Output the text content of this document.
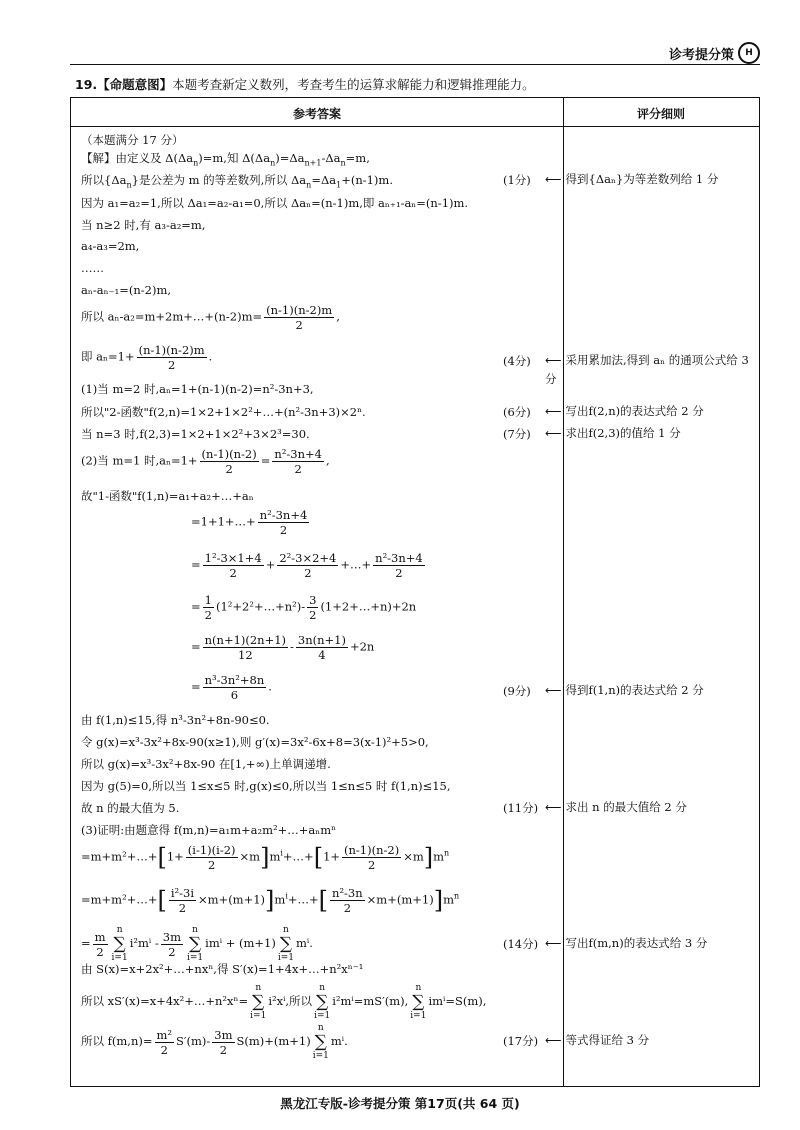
诊考提分策	H
19.【命题意图】本题考查新定义数列，考查考生的运算求解能力和逻辑推理能力。
参考答案	评分细则
（本题满分 17 分）
【解】由定义及 $\Delta(\Delta a_n)=m$,知 $\Delta(\Delta a_n)=\Delta a_{n+1}-\Delta a_n=m$,
所以$\{\Delta a_n\}$是公差为 m 的等差数列,所以 $\Delta a_n=\Delta a_1+(n-1)m$.
因为 a₁=a₂=1,所以 Δa₁=a₂-a₁=0,所以 Δaₙ=(n-1)m,即 aₙ₊₁-aₙ=(n-1)m.
当 n≥2 时,有 a₃-a₂=m,
a₄-a₃=2m,
……
aₙ-aₙ₋₁=(n-2)m,
所以 aₙ-a₂=m+2m+…+(n-2)m= $\frac{(n-1)(n-2)m}{2}$ ,
即 $a_n=1+ \frac{(n-1)(n-2)m}{2}$ .
(1)当 m=2 时,aₙ=1+(n-1)(n-2)=n²-3n+3,
所以"2-函数"f(2,n)=1×2+1×2²+…+(n²-3n+3)×2ⁿ.
当 n=3 时,f(2,3)=1×2+1×2²+3×2³=30.
(2)当 m=1 时$,a_n=1+ \frac{(n-1)(n-2)}{2} = \frac{\text{n²-3n+4}}{2}$ ,
故"1-函数"f(1,n)=a₁+a₂+…+aₙ
=1+1+…+ $\frac{\text{n²-3n+4}}{2}$
= $\frac{\text{1²-3×1+4}}{2} + \frac{\text{2²-3×2+4}}{2}$ +…+ $\frac{\text{n²-3n+4}}{2}$
= $\frac{1}{2}$ (1²+2²+…+n²)- $\frac{3}{2}$ (1+2+…+n)+2n
= $\frac{n(n+1)(2n+1)}{12} - \frac{3n(n+1)}{4} +2n$
= $\frac{\text{n³-3n²+8n}}{6}$ .
由 f(1,n)≤15,得 n³-3n²+8n-90≤0.
令 g(x)=x³-3x²+8x-90(x≥1),则 g′(x)=3x²-6x+8=3(x-1)²+5>0,
所以 g(x)=x³-3x²+8x-90 在[1,+∞)上单调递增.
因为 g(5)=0,所以当 1≤x≤5 时,g(x)≤0,所以当 1≤n≤5 时 f(1,n)≤15,
故 n 的最大值为 5.
(3)证明:由题意得 f(m,n)=a₁m+a₂m²+…+aₙmⁿ
=m+m²+…+[1+ $\frac{(i-1)(i-2)}{2}$ $\times m]m^i+\dots+[1+ \frac{(n-1)(n-2)}{2} \times m]m^n$
=m+m²+…+[ $\frac{\text{i²-3i}}{2}$ $\times m+(m+1)]m^i+\dots+[ \frac{\text{n²-3n}}{2} \times m+(m+1)]m^n$
= $\frac{m}{2}$ n
∑
$i=1i^2m^i - \frac{3m}{2}$ n
∑
i=1imⁱ + (m+1)n
∑
i=1mⁱ.
由 S(x)=x+2x²+…+nxⁿ,得 S′(x)=1+4x+…+n²xⁿ⁻¹
所以 xS′(x)=x+4x²+…+n²xⁿ=n
∑
i=1i²xⁱ,所以n
∑
i=1i²mⁱ=mS′(m),n
∑
i=1imⁱ=S(m),
所以 $f(m,n)= \frac{\text{m²}}{2} S'(m)- \frac{3m}{2} S(m)+(m+1)n$
∑
i=1mⁱ.
(1分)
(4分)
(6分)
(7分)
(9分)
(11分)
(14分)
(17分)
⟵ 得到{Δaₙ}为等差数列给 1 分
⟵ 采用累加法,得到 aₙ 的通项公式给 3 分
⟵ 写出f(2,n)的表达式给 2 分
⟵ 求出f(2,3)的值给 1 分
⟵ 得到f(1,n)的表达式给 2 分
⟵ 求出 n 的最大值给 2 分
⟵ 写出f(m,n)的表达式给 3 分
⟵ 等式得证给 3 分
黑龙江专版-诊考提分策 第17页(共 64 页)
